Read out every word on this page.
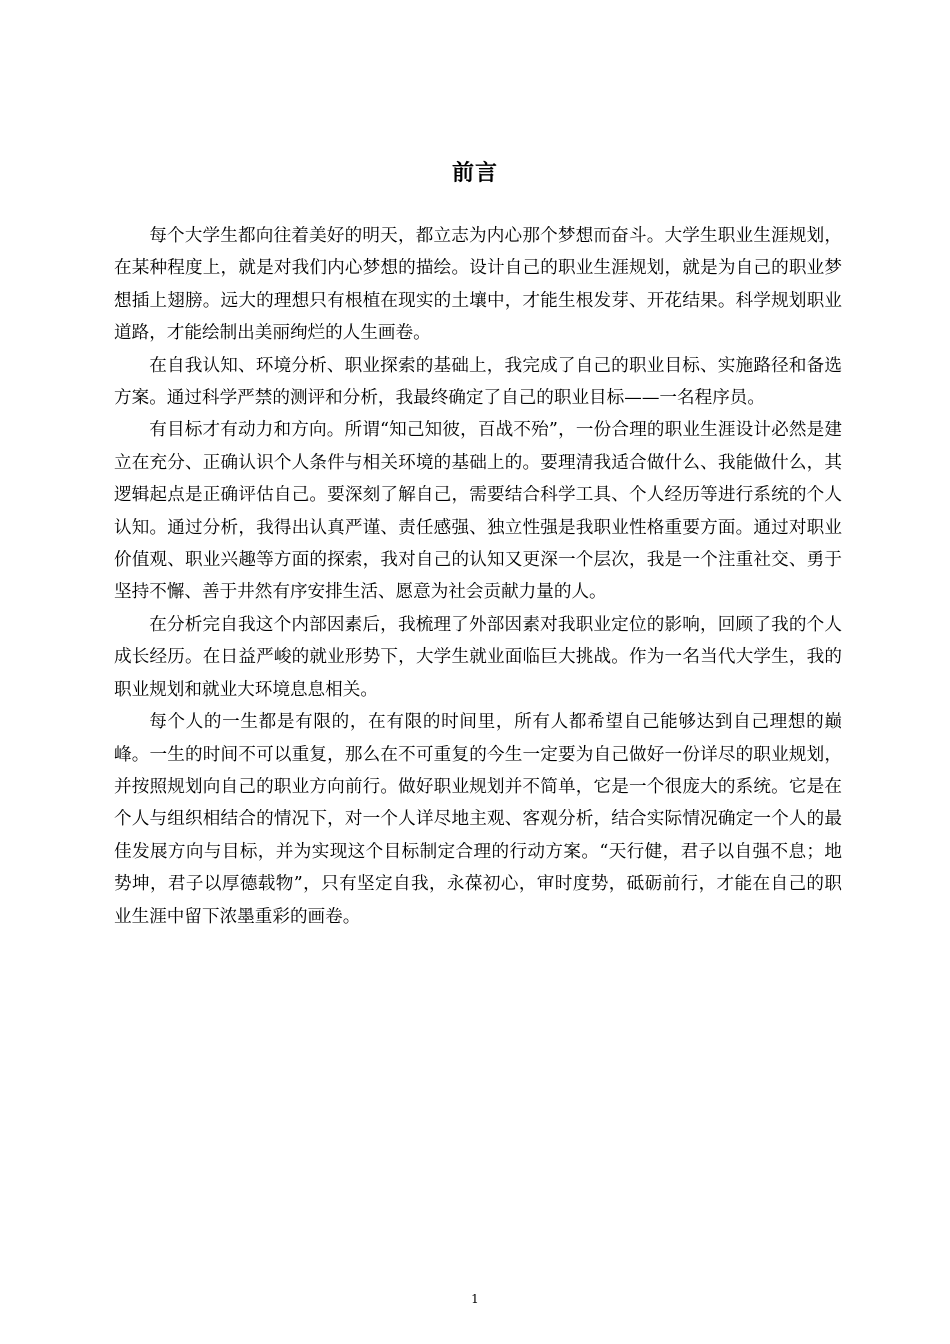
前言

每个大学生都向往着美好的明天，都立志为内心那个梦想而奋斗。大学生职业生涯规划，在某种程度上，就是对我们内心梦想的描绘。设计自己的职业生涯规划，就是为自己的职业梦想插上翅膀。远大的理想只有根植在现实的土壤中，才能生根发芽、开花结果。科学规划职业道路，才能绘制出美丽绚烂的人生画卷。

在自我认知、环境分析、职业探索的基础上，我完成了自己的职业目标、实施路径和备选方案。通过科学严禁的测评和分析，我最终确定了自己的职业目标——一名程序员。

有目标才有动力和方向。所谓“知己知彼，百战不殆”，一份合理的职业生涯设计必然是建立在充分、正确认识个人条件与相关环境的基础上的。要理清我适合做什么、我能做什么，其逻辑起点是正确评估自己。要深刻了解自己，需要结合科学工具、个人经历等进行系统的个人认知。通过分析，我得出认真严谨、责任感强、独立性强是我职业性格重要方面。通过对职业价值观、职业兴趣等方面的探索，我对自己的认知又更深一个层次，我是一个注重社交、勇于坚持不懈、善于井然有序安排生活、愿意为社会贡献力量的人。

在分析完自我这个内部因素后，我梳理了外部因素对我职业定位的影响，回顾了我的个人成长经历。在日益严峻的就业形势下，大学生就业面临巨大挑战。作为一名当代大学生，我的职业规划和就业大环境息息相关。

每个人的一生都是有限的，在有限的时间里，所有人都希望自己能够达到自己理想的巅峰。一生的时间不可以重复，那么在不可重复的今生一定要为自己做好一份详尽的职业规划，并按照规划向自己的职业方向前行。做好职业规划并不简单，它是一个很庞大的系统。它是在个人与组织相结合的情况下，对一个人详尽地主观、客观分析，结合实际情况确定一个人的最佳发展方向与目标，并为实现这个目标制定合理的行动方案。“天行健，君子以自强不息；地势坤，君子以厚德载物”，只有坚定自我，永葆初心，审时度势，砥砺前行，才能在自己的职业生涯中留下浓墨重彩的画卷。

1
